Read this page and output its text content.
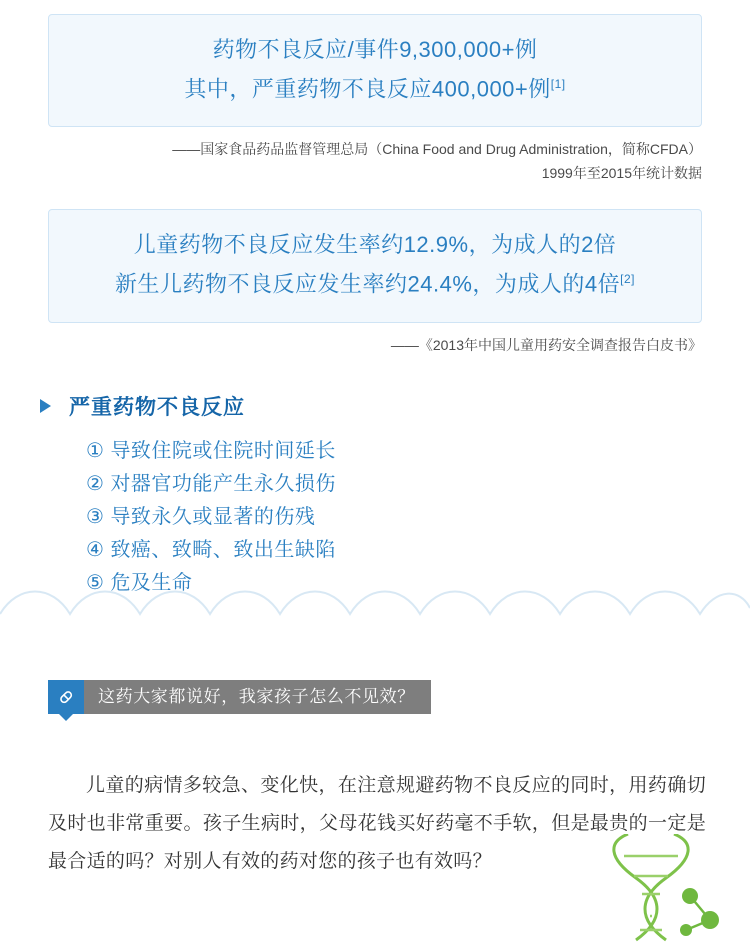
药物不良反应/事件9,300,000+例
其中，严重药物不良反应400,000+例[1]
——国家食品药品监督管理总局（China Food and Drug Administration，简称CFDA）
1999年至2015年统计数据
儿童药物不良反应发生率约12.9%，为成人的2倍
新生儿药物不良反应发生率约24.4%，为成人的4倍[2]
——《2013年中国儿童用药安全调查报告白皮书》
严重药物不良反应
① 导致住院或住院时间延长
② 对器官功能产生永久损伤
③ 导致永久或显著的伤残
④ 致癌、致畸、致出生缺陷
⑤ 危及生命
这药大家都说好，我家孩子怎么不见效？

儿童的病情多较急、变化快，在注意规避药物不良反应的同时，用药确切及时也非常重要。孩子生病时，父母花钱买好药毫不手软，但是最贵的一定是最合适的吗？对别人有效的药对您的孩子也有效吗？
